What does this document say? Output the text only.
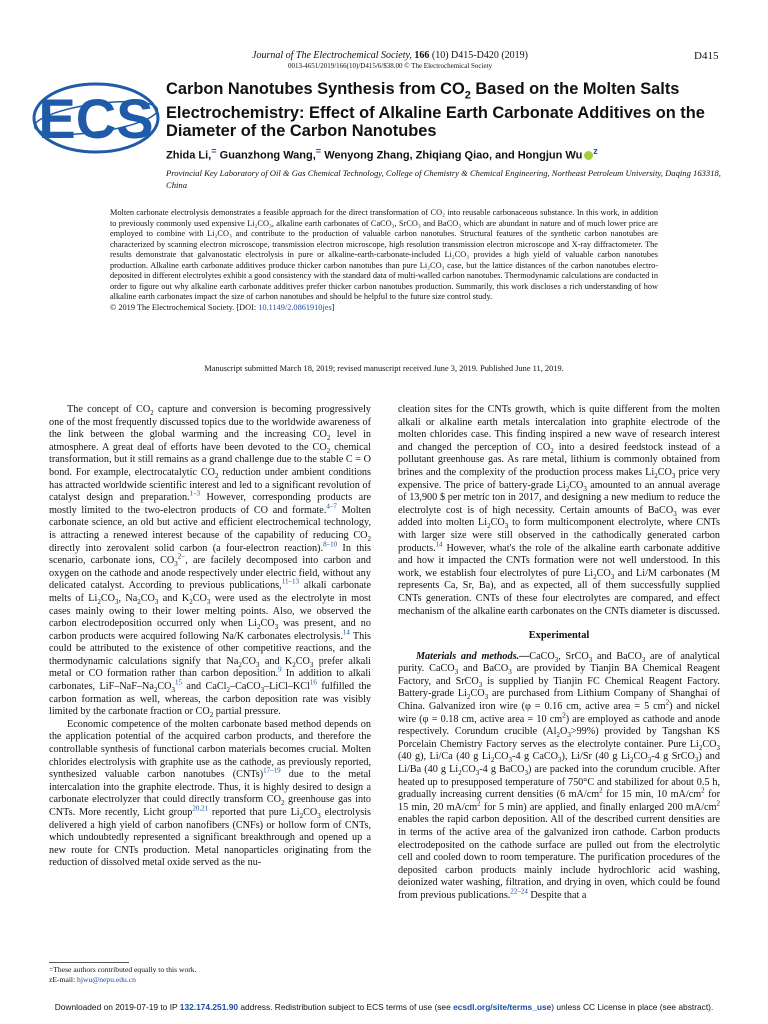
Journal of The Electrochemical Society, 166 (10) D415-D420 (2019)
0013-4651/2019/166(10)/D415/6/$38.00 © The Electrochemical Society
D415
ECS Carbon Nanotubes Synthesis from $CO_2$ Based on the Molten Salts Electrochemistry: Effect of Alkaline Earth Carbonate Additives on the Diameter of the Carbon Nanotubes
Zhida Li,= Guanzhong Wang,= Wenyong Zhang, Zhiqiang Qiao, and Hongjun Wu $^z$
Provincial Key Laboratory of Oil & Gas Chemical Technology, College of Chemistry & Chemical Engineering, Northeast Petroleum University, Daqing 163318, China
Molten carbonate electrolysis demonstrates a feasible approach for the direct transformation of CO₂ into reusable carbonaceous substance. In this work, in addition to previously commonly used expensive Li₂CO₃, alkaline earth carbonates of CaCO₃, SrCO₃ and BaCO₃ which are abundant in nature and of much lower price are employed to combine with Li₂CO₃ and contribute to the production of valuable carbon nanotubes. Structural features of the synthetic carbon nanotubes are characterized by scanning electron microscope, transmission electron microscope, high resolution transmission electron microscope and X-ray diffractometer. The results demonstrate that galvanostatic electrolysis in pure or alkaline-earth-carbonate-included Li₂CO₃ provides a high yield of valuable carbon nanotubes production. Alkaline earth carbonate additives produce thicker carbon nanotubes than pure Li₂CO₃ case, but the lattice distances of the carbon nanotubes electro-deposited in different electrolytes exhibit a good consistency with the standard data of multi-walled carbon nanotubes. Thermodynamic calculations are conducted in order to figure out why alkaline earth carbonate additives prefer thicker carbon nanotubes production. Summarily, this work discloses a rich understanding of how alkaline earth carbonates impact the size of carbon nanotubes and should be helpful to the future size control study.
© 2019 The Electrochemical Society. [DOI: 10.1149/2.0861910jes]
Manuscript submitted March 18, 2019; revised manuscript received June 3, 2019. Published June 11, 2019.

The concept of $CO_2$ capture and conversion is becoming progressively one of the most frequently discussed topics due to the worldwide awareness of the link between the global warming and the increasing $CO_2$ level in atmosphere. A great deal of efforts have been devoted to the $CO_2$ chemical transformation, but it still remains as a grand challenge due to the stable C = O bond. For example, electrocatalytic $CO_2$ reduction under ambient conditions has attracted worldwide scientific interest and led to a significant revolution of catalyst design and preparation.$^{1-3}$ However, corresponding products are mostly limited to the two-electron products of CO and formate.$^{4-7}$ Molten carbonate science, an old but active and efficient electrochemical technology, is attracting a renewed interest because of the capability of reducing $CO_2$ directly into zerovalent solid carbon (a four-electron reaction).$^{8-10}$ In this scenario, carbonate ions, $CO_3^{2-}$, are facilely decomposed into carbon and oxygen on the cathode and anode respectively under electric field, without any delicated catalyst. According to previous publications,$^{11-13}$ alkali carbonate melts of $Li_2CO_3$, $Na_2CO_3$ and $K_2CO_3$ were used as the electrolyte in most cases mainly owing to their lower melting points. Also, we observed the carbon electrodeposition occurred only when $Li_2CO_3$ was present, and no carbon products were acquired following Na/K carbonates electrolysis.$^{14}$ This could be attributed to the existence of other competitive reactions, and the thermodynamic calculations signify that $Na_2CO_3$ and $K_2CO_3$ prefer alkali metal or CO formation rather than carbon deposition.$^9$ In addition to alkali carbonates, LiF–$NaF-Na_2CO_3^{15}$ and CaCl$_2$–CaCO$_3$–LiCl–KCl$^{16}$ fulfilled the carbon formation as well, whereas, the carbon deposition rate was visibly limited by the carbonate fraction or $CO_2$ partial pressure.

Economic competence of the molten carbonate based method depends on the application potential of the acquired carbon products, and therefore the controllable synthesis of functional carbon materials becomes crucial. Molten chlorides electrolysis with graphite use as the cathode, as previously reported, synthesized valuable carbon nanotubes (CNTs)$^{17-19}$ due to the metal intercalation into the graphite electrode. Thus, it is highly desired to design a carbonate electrolyzer that could directly transform $CO_2$ greenhouse gas into CNTs. More recently, Licht group$^{20,21}$ reported that pure $Li_2CO_3$ electrolysis delivered a high yield of carbon nanofibers (CNFs) or hollow form of CNTs, which undoubtedly represented a significant breakthrough and opened up a new route for CNTs production. Metal nanoparticles originating from the reduction of dissolved metal oxide served as the nu-

cleation sites for the CNTs growth, which is quite different from the molten alkali or alkaline earth metals intercalation into graphite electrode of the molten chlorides case. This finding inspired a new wave of research interest and changed the perception of $CO_2$ into a desired feedstock instead of a pollutant greenhouse gas. As rare metal, lithium is commonly obtained from brines and the complexity of the production process makes $Li_2CO_3$ price very expensive. The price of battery-grade $Li_2CO_3$ amounted to an annual average of 13,900 $ per metric ton in 2017, and designing a new medium to reduce the electrolyte cost is of high necessity. Certain amounts of BaCO$_3$ was ever added into molten $Li_2CO_3$ to form multicomponent electrolyte, where CNTs with larger size were still observed in the cathodically generated carbon products.$^{14}$ However, what's the role of the alkaline earth carbonate additive and how it impacted the CNTs formation were not well understood. In this work, we establish four electrolytes of pure $Li_2CO_3$ and Li/M carbonates (M represents Ca, Sr, Ba), and as expected, all of them successfully supplied CNTs generation. CNTs of these four electrolytes are compared, and effect mechanism of the alkaline earth carbonates on the CNTs diameter is discussed.

Experimental

Materials and methods.—CaCO$_3$, SrCO$_3$ and BaCO$_3$ are of analytical purity. CaCO$_3$ and BaCO$_3$ are provided by Tianjin BA Chemical Reagent Factory, and SrCO$_3$ is supplied by Tianjin FC Chemical Reagent Factory. Battery-grade $Li_2CO_3$ are purchased from Lithium Company of Shanghai of China. Galvanized iron wire (φ = 0.16 cm, active area = 5 $cm^2$) and nickel wire (φ = 0.18 cm, active area = 10 $cm^2$) are employed as cathode and anode respectively. Corundum crucible $(Al_2O_3>99\%)$ provided by Tangshan KS Porcelain Chemistry Factory serves as the electrolyte container. Pure $Li_2CO_3$ (40 g), Li/Ca (40 g $Li_2CO_3-4$ g CaCO$_3$), Li/Sr (40 g $Li_2CO_3-4$ g SrCO$_3$) and Li/Ba (40 g $Li_2CO_3-4$ g BaCO$_3$) are packed into the corundum crucible. After heated up to presupposed temperature of 750°C and stabilized for about 0.5 h, gradually increasing current densities (6 $mA/cm^2$ for 15 min, 10 $mA/cm^2$ for 15 min, 20 $mA/cm^2$ for 5 min) are applied, and finally enlarged 200 $mA/cm^2$ enables the rapid carbon deposition. All of the described current densities are in terms of the active area of the galvanized iron cathode. Carbon products electrodeposited on the cathode surface are pulled out from the electrolytic cell and cooled down to room temperature. The purification procedures of the deposited carbon products mainly include hydrochloric acid washing, deionized water washing, filtration, and drying in oven, which could be found from previous publications.$^{22-24}$ Despite that a

=These authors contributed equally to this work.
zE-mail: hjwu@nepu.edu.cn
Downloaded on 2019-07-19 to IP 132.174.251.90 address. Redistribution subject to ECS terms of use (see ecsdl.org/site/terms_use) unless CC License in place (see abstract).
